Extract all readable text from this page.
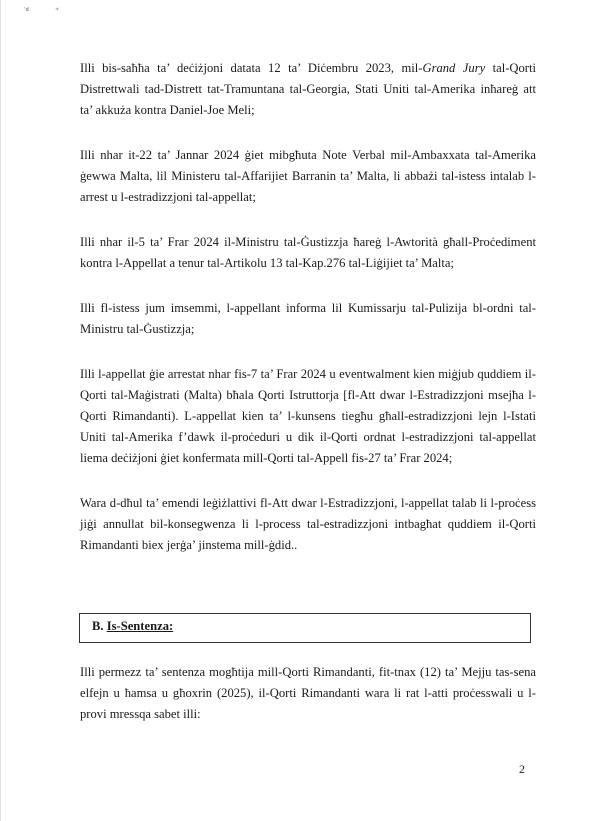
ʾᵈ	⁺

Illi bis-saħħa ta’ deċiżjoni datata 12 ta’ Diċembru 2023, mil-Grand Jury tal-Qorti Distrettwali tad-Distrett tat-Tramuntana tal-Georgia, Stati Uniti tal-Amerika inħareġ att ta’ akkuża kontra Daniel-Joe Meli;

Illi nhar it-22 ta’ Jannar 2024 ġiet mibgħuta Note Verbal mil-Ambaxxata tal-Amerika ġewwa Malta, lil Ministeru tal-Affarijiet Barranin ta’ Malta, li abbażi tal-istess intalab l-arrest u l-estradizzjoni tal-appellat;

Illi nhar il-5 ta’ Frar 2024 il-Ministru tal-Ġustizzja ħareġ l-Awtorità għall-Proċediment kontra l-Appellat a tenur tal-Artikolu 13 tal-Kap.276 tal-Liġijiet ta’ Malta;

Illi fl-istess jum imsemmi, l-appellant informa lil Kumissarju tal-Pulizija bl-ordni tal-Ministru tal-Ġustizzja;

Illi l-appellat ġie arrestat nhar fis-7 ta’ Frar 2024 u eventwalment kien miġjub quddiem il-Qorti tal-Maġistrati (Malta) bħala Qorti Istruttorja [fl-Att dwar l-Estradizzjoni msejħa l-Qorti Rimandanti). L-appellat kien ta’ l-kunsens tiegħu għall-estradizzjoni lejn l-Istati Uniti tal-Amerika f’dawk il-proċeduri u dik il-Qorti ordnat l-estradizzjoni tal-appellat liema deċiżjoni ġiet konfermata mill-Qorti tal-Appell fis-27 ta’ Frar 2024;

Wara d-dħul ta’ emendi leġiżlattivi fl-Att dwar l-Estradizzjoni, l-appellat talab li l-proċess jiġi annullat bil-konsegwenza li l-process tal-estradizzjoni intbagħat quddiem il-Qorti Rimandanti biex jerġa’ jinstema mill-ġdid..

B. Is-Sentenza:

Illi permezz ta’ sentenza mogħtija mill-Qorti Rimandanti, fit-tnax (12) ta’ Mejju tas-sena elfejn u ħamsa u għoxrin (2025), il-Qorti Rimandanti wara li rat l-atti proċesswali u l-provi mressqa sabet illi:

2
